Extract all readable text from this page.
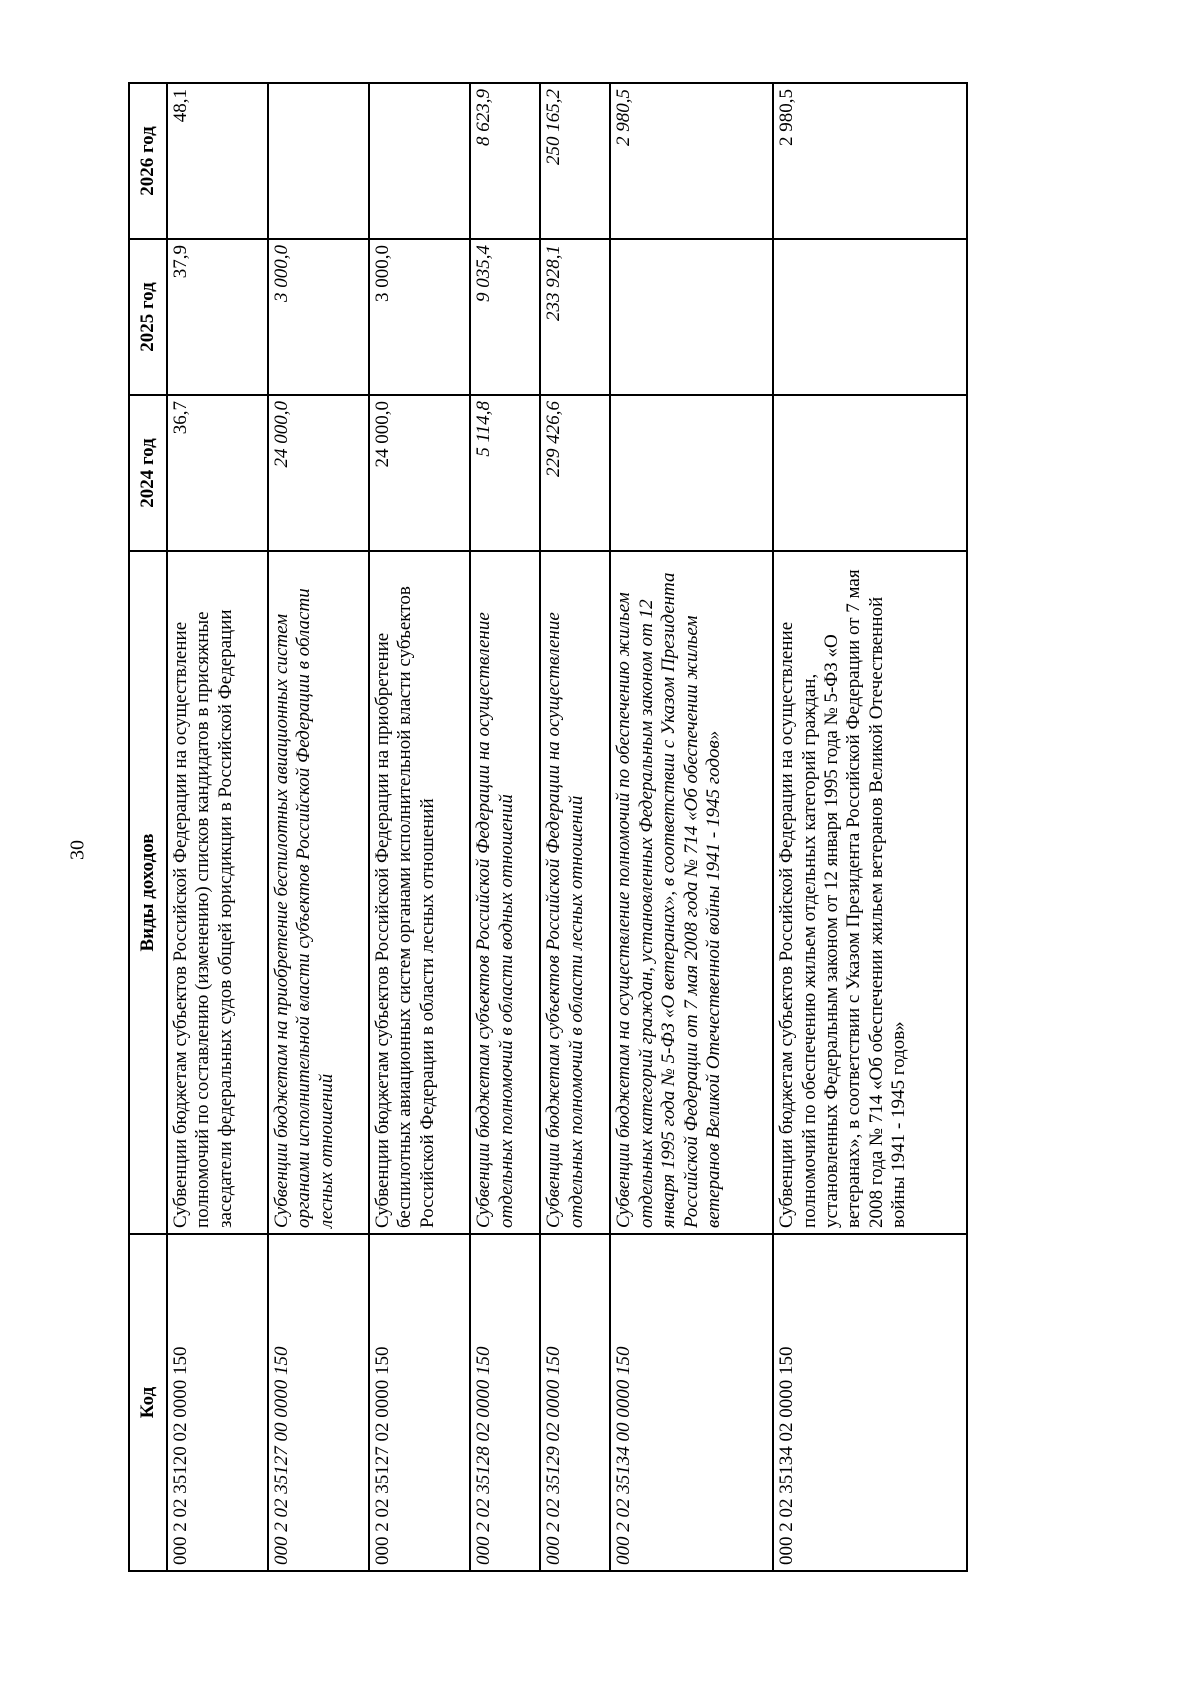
30
Код	Виды доходов	2024 год	2025 год	2026 год
000 2 02 35120 02 0000 150	Субвенции бюджетам субъектов Российской Федерации на осуществление полномочий по составлению (изменению) списков кандидатов в присяжные заседатели федеральных судов общей юрисдикции в Российской Федерации	36,7	37,9	48,1
000 2 02 35127 00 0000 150	Субвенции бюджетам на приобретение беспилотных авиационных систем органами исполнительной власти субъектов Российской Федерации в области лесных отношений	24 000,0	3 000,0	
000 2 02 35127 02 0000 150	Субвенции бюджетам субъектов Российской Федерации на приобретение беспилотных авиационных систем органами исполнительной власти субъектов Российской Федерации в области лесных отношений	24 000,0	3 000,0	
000 2 02 35128 02 0000 150	Субвенции бюджетам субъектов Российской Федерации на осуществление отдельных полномочий в области водных отношений	5 114,8	9 035,4	8 623,9
000 2 02 35129 02 0000 150	Субвенции бюджетам субъектов Российской Федерации на осуществление отдельных полномочий в области лесных отношений	229 426,6	233 928,1	250 165,2
000 2 02 35134 00 0000 150	Субвенции бюджетам на осуществление полномочий по обеспечению жильем отдельных категорий граждан, установленных Федеральным законом от 12 января 1995 года № 5-ФЗ «О ветеранах», в соответствии с Указом Президента Российской Федерации от 7 мая 2008 года № 714 «Об обеспечении жильем ветеранов Великой Отечественной войны 1941 - 1945 годов»			2 980,5
000 2 02 35134 02 0000 150	Субвенции бюджетам субъектов Российской Федерации на осуществление полномочий по обеспечению жильем отдельных категорий граждан, установленных Федеральным законом от 12 января 1995 года № 5-ФЗ «О ветеранах», в соответствии с Указом Президента Российской Федерации от 7 мая 2008 года № 714 «Об обеспечении жильем ветеранов Великой Отечественной войны 1941 - 1945 годов»			2 980,5
